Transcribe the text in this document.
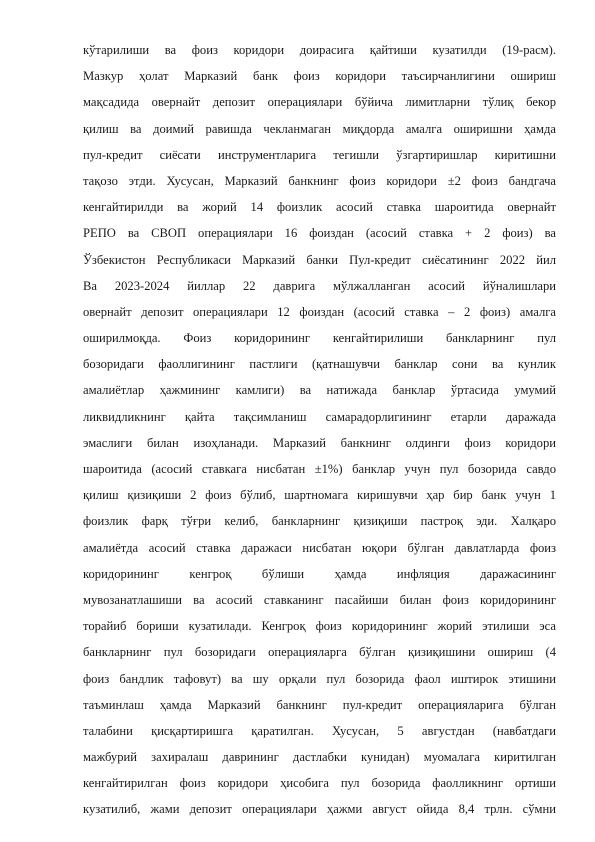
кўтарилиши ва фоиз коридори доирасига қайтиши кузатилди (19-расм).
Мазкур ҳолат Марказий банк фоиз коридори таъсирчанлигини ошириш
мақсадида овернайт депозит операциялари бўйича лимитларни тўлиқ бекор
қилиш ва доимий равишда чекланмаган миқдорда амалга оширишни ҳамда
пул-кредит сиёсати инструментларига тегишли ўзгартиришлар киритишни
тақозо этди. Хусусан, Марказий банкнинг фоиз коридори ±2 фоиз бандгача
кенгайтирилди ва жорий 14 фоизлик асосий ставка шароитида овернайт
РЕПО ва СВОП операциялари 16 фоиздан (асосий ставка + 2 фоиз) ва
Ўзбекистон Республикаси Марказий банки Пул-кредит сиёсатининг 2022 йил
Ва 2023-2024 йиллар 22 даврига мўлжалланган асосий йўналишлари
овернайт депозит операциялари 12 фоиздан (асосий ставка – 2 фоиз) амалга
оширилмоқда. Фоиз коридорининг кенгайтирилиши банкларнинг пул
бозоридаги фаоллигининг пастлиги (қатнашувчи банклар сони ва кунлик
амалиётлар ҳажмининг камлиги) ва натижада банклар ўртасида умумий
ликвидликнинг қайта тақсимланиш самарадорлигининг етарли даражада
эмаслиги билан изоҳланади. Марказий банкнинг олдинги фоиз коридори
шароитида (асосий ставкага нисбатан ±1%) банклар учун пул бозорида савдо
қилиш қизиқиши 2 фоиз бўлиб, шартномага киришувчи ҳар бир банк учун 1
фоизлик фарқ тўғри келиб, банкларнинг қизиқиши пастроқ эди. Халқаро
амалиётда асосий ставка даражаси нисбатан юқори бўлган давлатларда фоиз
коридорининг кенгроқ бўлиши ҳамда инфляция даражасининг
мувозанатлашиши ва асосий ставканинг пасайиши билан фоиз коридорининг
торайиб бориши кузатилади. Кенгроқ фоиз коридорининг жорий этилиши эса
банкларнинг пул бозоридаги операцияларга бўлган қизиқишини ошириш (4
фоиз бандлик тафовут) ва шу орқали пул бозорида фаол иштирок этишини
таъминлаш ҳамда Марказий банкнинг пул-кредит операцияларига бўлган
талабини қисқартиришга қаратилган. Хусусан, 5 августдан (навбатдаги
мажбурий захиралаш даврининг дастлабки кунидан) муомалага киритилган
кенгайтирилган фоиз коридори ҳисобига пул бозорида фаолликнинг ортиши
кузатилиб, жами депозит операциялари ҳажми август ойида 8,4 трлн. сўмни
